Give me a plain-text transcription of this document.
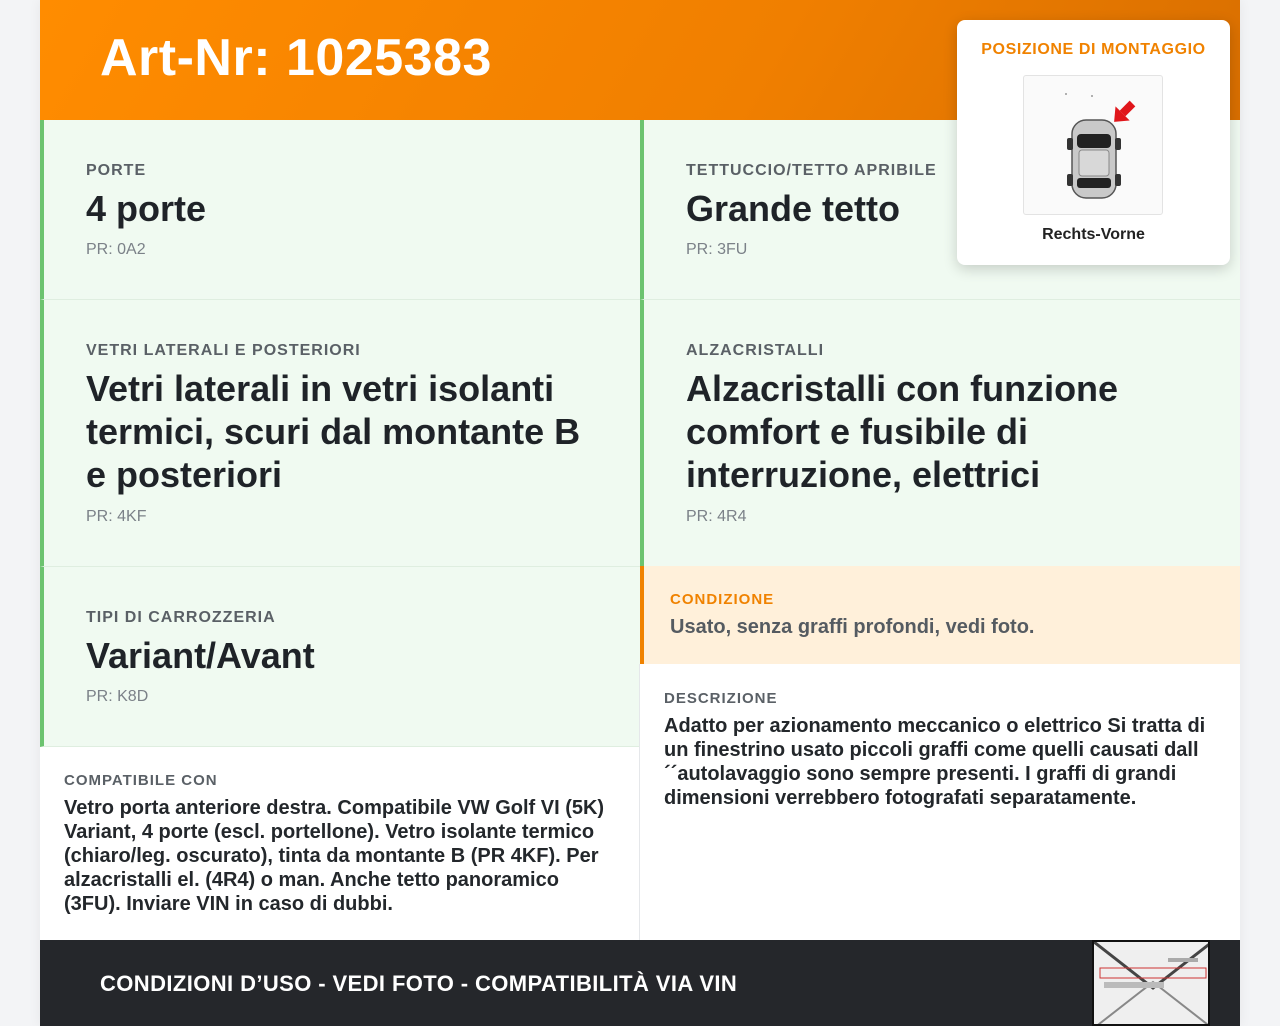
Art-Nr: 1025383
PORTE
4 porte
PR: 0A2
TETTUCCIO/TETTO APRIBILE
Grande tetto
PR: 3FU
VETRI LATERALI E POSTERIORI
Vetri laterali in vetri isolanti termici, scuri dal montante B e posteriori
PR: 4KF
ALZACRISTALLI
Alzacristalli con funzione comfort e fusibile di interruzione, elettrici
PR: 4R4
TIPI DI CARROZZERIA
Variant/Avant
PR: K8D
CONDIZIONE
Usato, senza graffi profondi, vedi foto.
COMPATIBILE CON
Vetro porta anteriore destra. Compatibile VW Golf VI (5K) Variant, 4 porte (escl. portellone). Vetro isolante termico (chiaro/leg. oscurato), tinta da montante B (PR 4KF). Per alzacristalli el. (4R4) o man. Anche tetto panoramico (3FU). Inviare VIN in caso di dubbi.
DESCRIZIONE
Adatto per azionamento meccanico o elettrico Si tratta di un finestrino usato piccoli graffi come quelli causati dall ´´autolavaggio sono sempre presenti. I graffi di grandi dimensioni verrebbero fotografati separatamente.
POSIZIONE DI MONTAGGIO
Rechts-Vorne
CONDIZIONI D’USO - VEDI FOTO - COMPATIBILITÀ VIA VIN
